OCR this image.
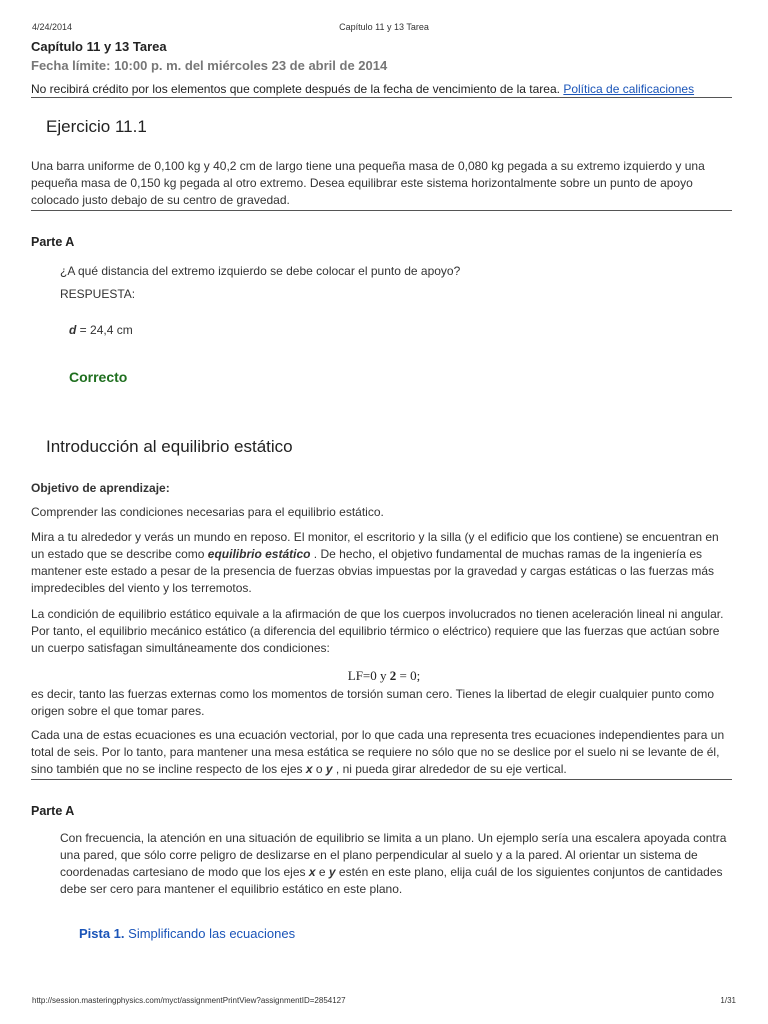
4/24/2014	Capítulo 11 y 13 Tarea
Capítulo 11 y 13 Tarea
Fecha límite: 10:00 p. m. del miércoles 23 de abril de 2014
No recibirá crédito por los elementos que complete después de la fecha de vencimiento de la tarea. Política de calificaciones
Ejercicio 11.1
Una barra uniforme de 0,100 kg y 40,2 cm de largo tiene una pequeña masa de 0,080 kg pegada a su extremo izquierdo y una pequeña masa de 0,150 kg pegada al otro extremo. Desea equilibrar este sistema horizontalmente sobre un punto de apoyo colocado justo debajo de su centro de gravedad.
Parte A
¿A qué distancia del extremo izquierdo se debe colocar el punto de apoyo?
RESPUESTA:
d = 24,4 cm
Correcto
Introducción al equilibrio estático
Objetivo de aprendizaje:
Comprender las condiciones necesarias para el equilibrio estático.
Mira a tu alrededor y verás un mundo en reposo. El monitor, el escritorio y la silla (y el edificio que los contiene) se encuentran en un estado que se describe como equilibrio estático . De hecho, el objetivo fundamental de muchas ramas de la ingeniería es mantener este estado a pesar de la presencia de fuerzas obvias impuestas por la gravedad y cargas estáticas o las fuerzas más impredecibles del viento y los terremotos.
La condición de equilibrio estático equivale a la afirmación de que los cuerpos involucrados no tienen aceleración lineal ni angular. Por tanto, el equilibrio mecánico estático (a diferencia del equilibrio térmico o eléctrico) requiere que las fuerzas que actúan sobre un cuerpo satisfagan simultáneamente dos condiciones:
LF=0 y 2 = 0;
es decir, tanto las fuerzas externas como los momentos de torsión suman cero. Tienes la libertad de elegir cualquier punto como origen sobre el que tomar pares.
Cada una de estas ecuaciones es una ecuación vectorial, por lo que cada una representa tres ecuaciones independientes para un total de seis. Por lo tanto, para mantener una mesa estática se requiere no sólo que no se deslice por el suelo ni se levante de él, sino también que no se incline respecto de los ejes x o y , ni pueda girar alrededor de su eje vertical.
Parte A
Con frecuencia, la atención en una situación de equilibrio se limita a un plano. Un ejemplo sería una escalera apoyada contra una pared, que sólo corre peligro de deslizarse en el plano perpendicular al suelo y a la pared. Al orientar un sistema de coordenadas cartesiano de modo que los ejes x e y estén en este plano, elija cuál de los siguientes conjuntos de cantidades debe ser cero para mantener el equilibrio estático en este plano.
Pista 1. Simplificando las ecuaciones
http://session.masteringphysics.com/myct/assignmentPrintView?assignmentID=2854127	1/31
